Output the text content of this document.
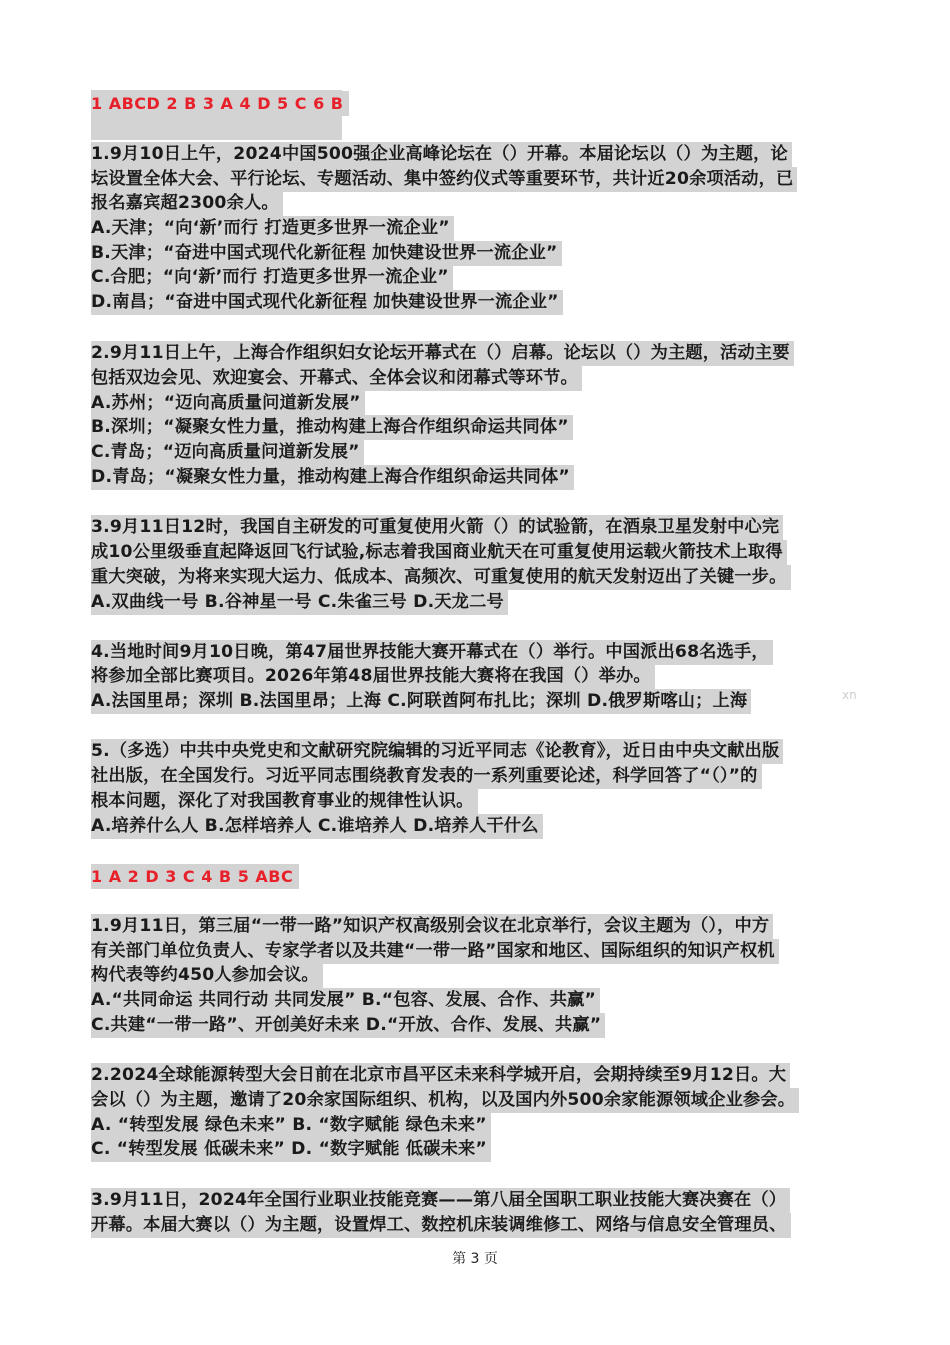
1 ABCD 2 B 3 A 4 D 5 C 6 B
1.9月10日上午，2024中国500强企业高峰论坛在（）开幕。本届论坛以（）为主题，论
坛设置全体大会、平行论坛、专题活动、集中签约仪式等重要环节，共计近20余项活动，已
报名嘉宾超2300余人。
A.天津；“向‘新’而行 打造更多世界一流企业”
B.天津；“奋进中国式现代化新征程 加快建设世界一流企业”
C.合肥；“向‘新’而行 打造更多世界一流企业”
D.南昌；“奋进中国式现代化新征程 加快建设世界一流企业”
2.9月11日上午，上海合作组织妇女论坛开幕式在（）启幕。论坛以（）为主题，活动主要
包括双边会见、欢迎宴会、开幕式、全体会议和闭幕式等环节。
A.苏州；“迈向高质量问道新发展”
B.深圳；“凝聚女性力量，推动构建上海合作组织命运共同体”
C.青岛；“迈向高质量问道新发展”
D.青岛；“凝聚女性力量，推动构建上海合作组织命运共同体”
3.9月11日12时，我国自主研发的可重复使用火箭（）的试验箭，在酒泉卫星发射中心完
成10公里级垂直起降返回飞行试验,标志着我国商业航天在可重复使用运载火箭技术上取得
重大突破，为将来实现大运力、低成本、高频次、可重复使用的航天发射迈出了关键一步。
A.双曲线一号 B.谷神星一号 C.朱雀三号 D.天龙二号
4.当地时间9月10日晚，第47届世界技能大赛开幕式在（）举行。中国派出68名选手，
将参加全部比赛项目。2026年第48届世界技能大赛将在我国（）举办。
A.法国里昂；深圳 B.法国里昂；上海 C.阿联酋阿布扎比；深圳 D.俄罗斯喀山；上海	xn
5.（多选）中共中央党史和文献研究院编辑的习近平同志《论教育》，近日由中央文献出版
社出版，在全国发行。习近平同志围绕教育发表的一系列重要论述，科学回答了“（）”的
根本问题，深化了对我国教育事业的规律性认识。
A.培养什么人 B.怎样培养人 C.谁培养人 D.培养人干什么
1 A 2 D 3 C 4 B 5 ABC
1.9月11日，第三届“一带一路”知识产权高级别会议在北京举行，会议主题为（），中方
有关部门单位负责人、专家学者以及共建“一带一路”国家和地区、国际组织的知识产权机
构代表等约450人参加会议。
A.“共同命运 共同行动 共同发展” B.“包容、发展、合作、共赢”
C.共建“一带一路”、开创美好未来 D.“开放、合作、发展、共赢”
2.2024全球能源转型大会日前在北京市昌平区未来科学城开启，会期持续至9月12日。大
会以（）为主题，邀请了20余家国际组织、机构，以及国内外500余家能源领域企业参会。
A. “转型发展 绿色未来” B. “数字赋能 绿色未来”
C. “转型发展 低碳未来” D. “数字赋能 低碳未来”
3.9月11日，2024年全国行业职业技能竞赛——第八届全国职工职业技能大赛决赛在（）
开幕。本届大赛以（）为主题，设置焊工、数控机床装调维修工、网络与信息安全管理员、
第 3 页
